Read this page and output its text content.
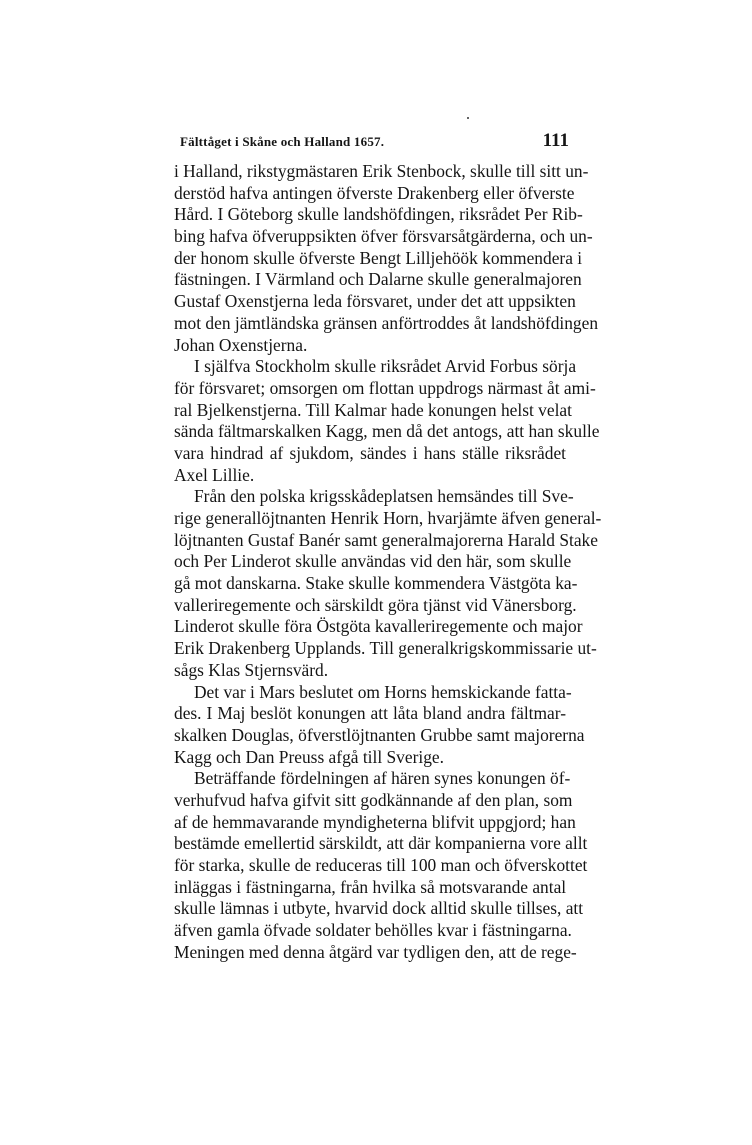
Fälttåget i Skåne och Halland 1657.	111
i Halland, rikstygmästaren Erik Stenbock, skulle till sitt un-
derstöd hafva antingen öfverste Drakenberg eller öfverste
Hård. I Göteborg skulle landshöfdingen, riksrådet Per Rib-
bing hafva öfveruppsikten öfver försvarsåtgärderna, och un-
der honom skulle öfverste Bengt Lilljehöök kommendera i
fästningen. I Värmland och Dalarne skulle generalmajoren
Gustaf Oxenstjerna leda försvaret, under det att uppsikten
mot den jämtländska gränsen anförtroddes åt landshöfdingen
Johan Oxenstjerna.
I själfva Stockholm skulle riksrådet Arvid Forbus sörja
för försvaret; omsorgen om flottan uppdrogs närmast åt ami-
ral Bjelkenstjerna. Till Kalmar hade konungen helst velat
sända fältmarskalken Kagg, men då det antogs, att han skulle
vara hindrad af sjukdom, sändes i hans ställe riksrådet
Axel Lillie.
Från den polska krigsskådeplatsen hemsändes till Sve-
rige generallöjtnanten Henrik Horn, hvarjämte äfven general-
löjtnanten Gustaf Banér samt generalmajorerna Harald Stake
och Per Linderot skulle användas vid den här, som skulle
gå mot danskarna. Stake skulle kommendera Västgöta ka-
valleriregemente och särskildt göra tjänst vid Vänersborg.
Linderot skulle föra Östgöta kavalleriregemente och major
Erik Drakenberg Upplands. Till generalkrigskommissarie ut-
sågs Klas Stjernsvärd.
Det var i Mars beslutet om Horns hemskickande fatta-
des. I Maj beslöt konungen att låta bland andra fältmar-
skalken Douglas, öfverstlöjtnanten Grubbe samt majorerna
Kagg och Dan Preuss afgå till Sverige.
Beträffande fördelningen af hären synes konungen öf-
verhufvud hafva gifvit sitt godkännande af den plan, som
af de hemmavarande myndigheterna blifvit uppgjord; han
bestämde emellertid särskildt, att där kompanierna vore allt
för starka, skulle de reduceras till 100 man och öfverskottet
inläggas i fästningarna, från hvilka så motsvarande antal
skulle lämnas i utbyte, hvarvid dock alltid skulle tillses, att
äfven gamla öfvade soldater behölles kvar i fästningarna.
Meningen med denna åtgärd var tydligen den, att de rege-
